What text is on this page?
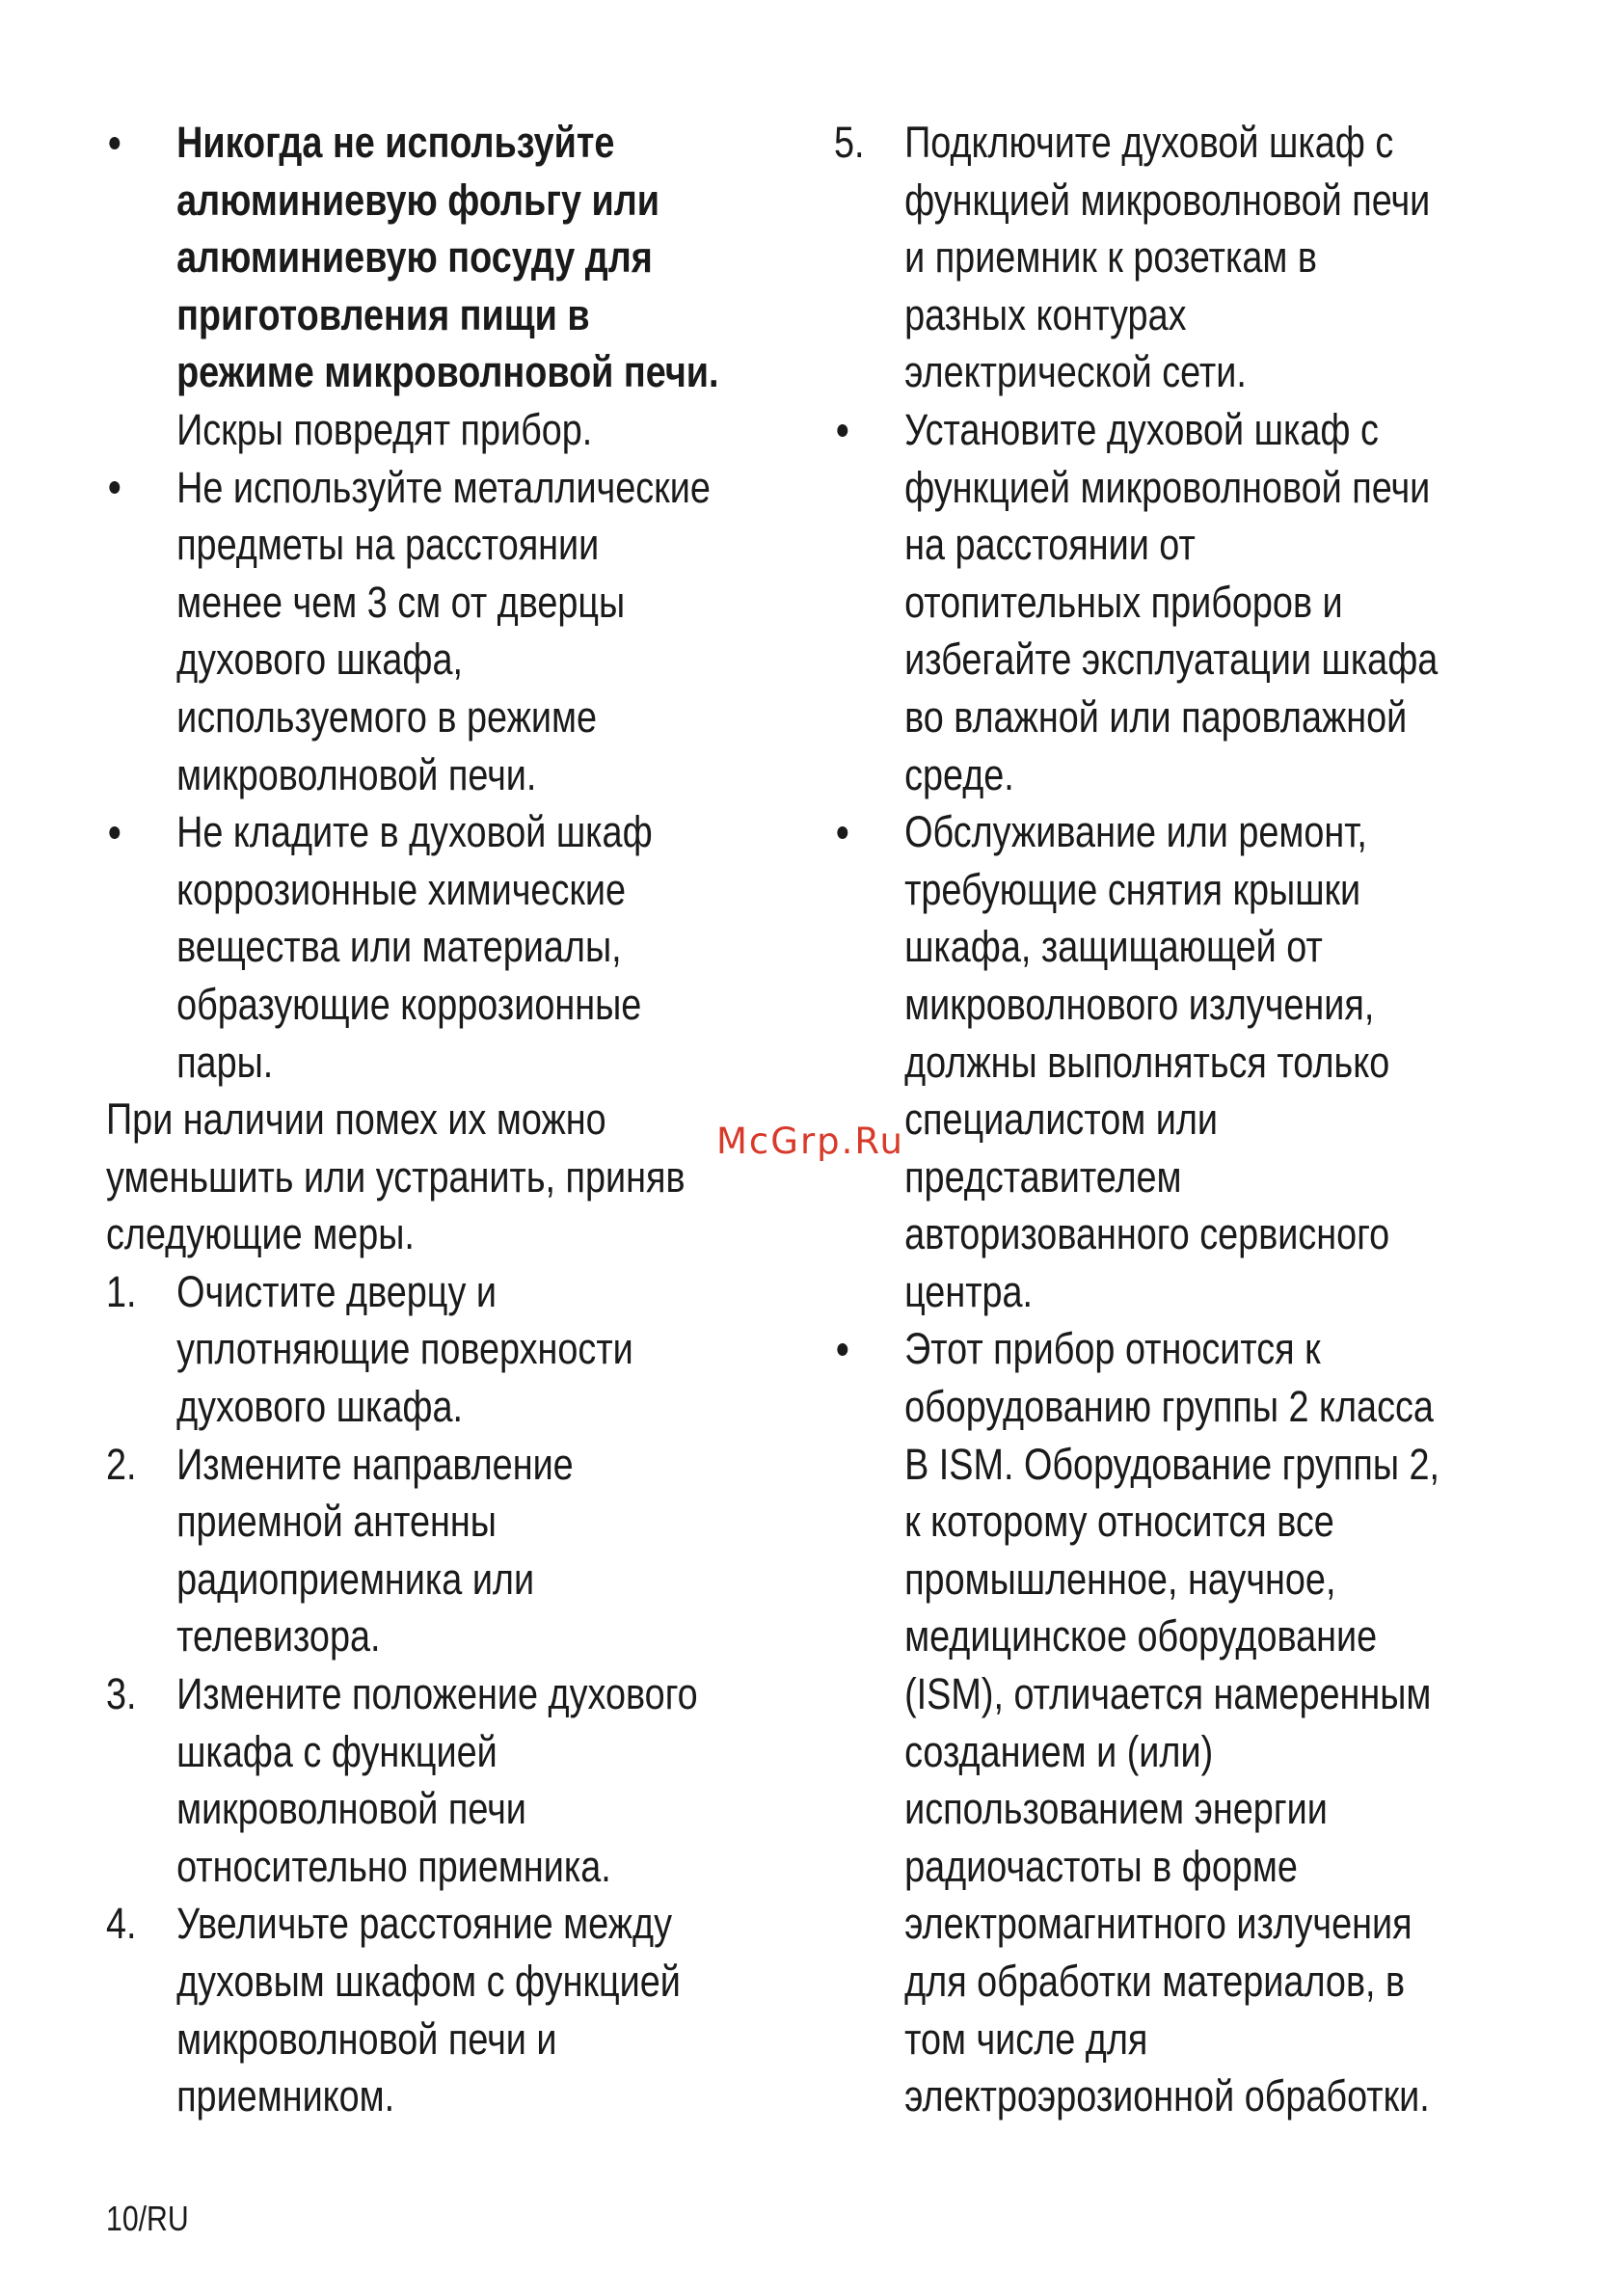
Никогда не используйте
алюминиевую фольгу или
алюминиевую посуду для
приготовления пищи в
режиме микроволновой печи.
Искры повредят прибор.
Не используйте металлические
предметы на расстоянии
менее чем 3 см от дверцы
духового шкафа,
используемого в режиме
микроволновой печи.
Не кладите в духовой шкаф
коррозионные химические
вещества или материалы,
образующие коррозионные
пары.
При наличии помех их можно
уменьшить или устранить, приняв
следующие меры.
1. Очистите дверцу и
уплотняющие поверхности
духового шкафа.
2. Измените направление
приемной антенны
радиоприемника или
телевизора.
3. Измените положение духового
шкафа с функцией
микроволновой печи
относительно приемника.
4. Увеличьте расстояние между
духовым шкафом с функцией
микроволновой печи и
приемником.
5. Подключите духовой шкаф с
функцией микроволновой печи
и приемник к розеткам в
разных контурах
электрической сети.
Установите духовой шкаф с
функцией микроволновой печи
на расстоянии от
отопительных приборов и
избегайте эксплуатации шкафа
во влажной или паровлажной
среде.
Обслуживание или ремонт,
требующие снятия крышки
шкафа, защищающей от
микроволнового излучения,
должны выполняться только
специалистом или
представителем
авторизованного сервисного
центра.
Этот прибор относится к
оборудованию группы 2 класса
В ISM. Оборудование группы 2,
к которому относится все
промышленное, научное,
медицинское оборудование
(ISM), отличается намеренным
созданием и (или)
использованием энергии
радиочастоты в форме
электромагнитного излучения
для обработки материалов, в
том числе для
электроэрозионной обработки.
McGrp.Ru
10/RU
